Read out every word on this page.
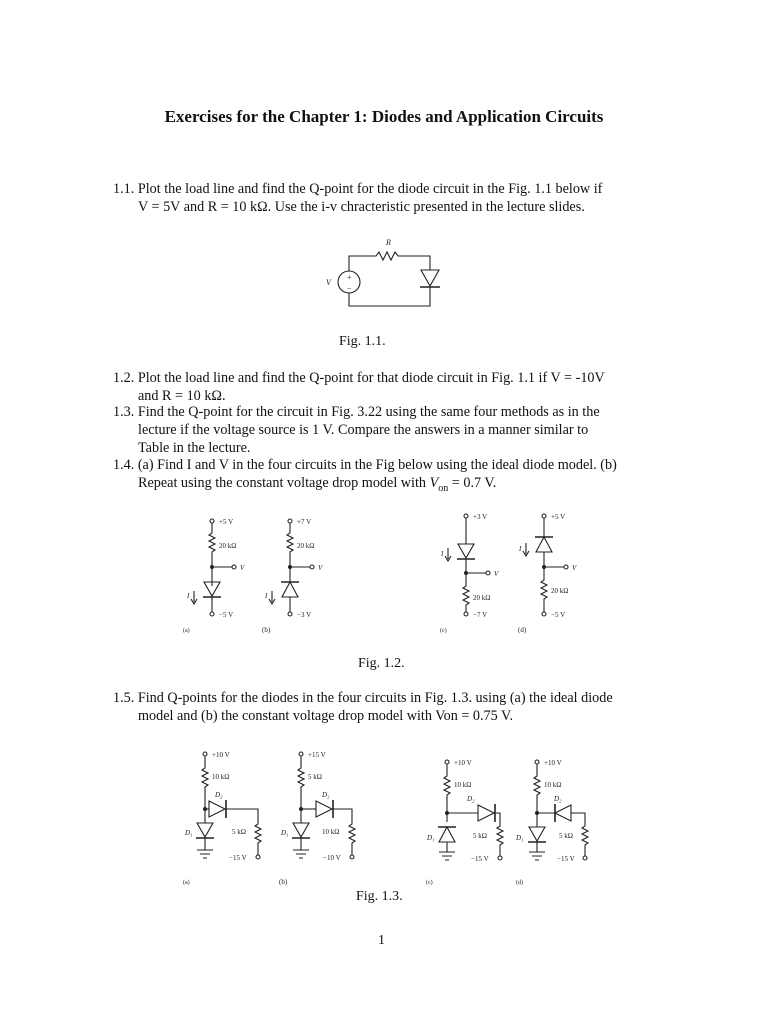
Exercises for the Chapter 1: Diodes and Application Circuits
1.1. Plot the load line and find the Q-point for the diode circuit in the Fig. 1.1 below if
V = 5V and R = 10 kΩ. Use the i-v chracteristic presented in the lecture slides.
+
−
V
R
Fig. 1.1.
1.2. Plot the load line and find the Q-point for that diode circuit in Fig. 1.1 if V = -10V
and R = 10 kΩ.
1.3. Find the Q-point for the circuit in Fig. 3.22 using the same four methods as in the
lecture if the voltage source is 1 V. Compare the answers in a manner similar to
Table in the lecture.
1.4. (a) Find I and V in the four circuits in the Fig below using the ideal diode model. (b)
Repeat using the constant voltage drop model with $V_{on} = 0.7$ V.
+5 V
20 kΩ
V
−5 V
I
(a)
+7 V
20 kΩ
V
−3 V
I
(b)
+3 V
V
20 kΩ
−7 V
I
(c)
+5 V
V
20 kΩ
−5 V
I
(d)
Fig. 1.2.
1.5. Find Q-points for the diodes in the four circuits in Fig. 1.3. using (a) the ideal diode
model and (b) the constant voltage drop model with Von = 0.75 V.
+10 V
10 kΩ
D₂
5 kΩ
−15 V
D₁
(a)
+15 V
5 kΩ
D₂
10 kΩ
−10 V
D₁
(b)
+10 V
10 kΩ
D₂
5 kΩ
−15 V
D₁
(c)
+10 V
10 kΩ
D₂
5 kΩ
−15 V
D₁
(d)
Fig. 1.3.
1
